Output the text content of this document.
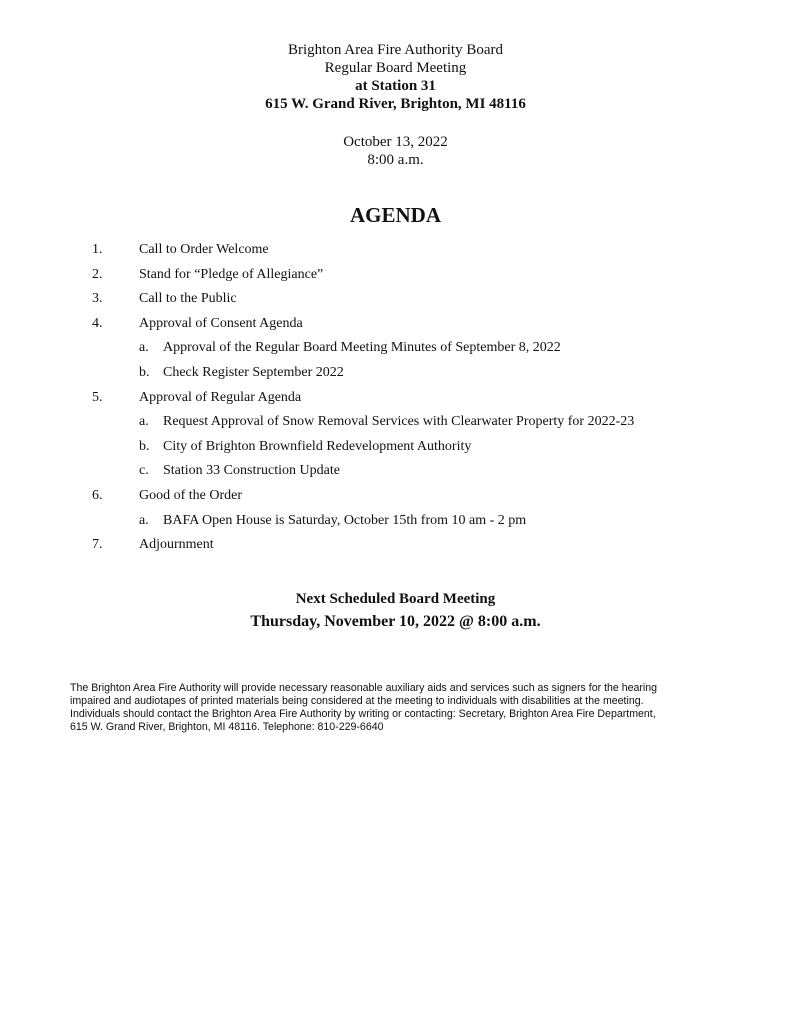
Brighton Area Fire Authority Board
Regular Board Meeting
at Station 31
615 W. Grand River, Brighton, MI 48116
October 13, 2022
8:00 a.m.
AGENDA
1.	Call to Order Welcome
2.	Stand for “Pledge of Allegiance”
3.	Call to the Public
4.	Approval of Consent Agenda
a. Approval of the Regular Board Meeting Minutes of September 8, 2022
b. Check Register September 2022
5.	Approval of Regular Agenda
a. Request Approval of Snow Removal Services with Clearwater Property for 2022-23
b. City of Brighton Brownfield Redevelopment Authority
c. Station 33 Construction Update
6.	Good of the Order
a. BAFA Open House is Saturday, October 15th from 10 am - 2 pm
7.	Adjournment
Next Scheduled Board Meeting
Thursday, November 10, 2022 @ 8:00 a.m.
The Brighton Area Fire Authority will provide necessary reasonable auxiliary aids and services such as signers for the hearing
impaired and audiotapes of printed materials being considered at the meeting to individuals with disabilities at the meeting.
Individuals should contact the Brighton Area Fire Authority by writing or contacting: Secretary, Brighton Area Fire Department,
615 W. Grand River, Brighton, MI 48116. Telephone: 810-229-6640
